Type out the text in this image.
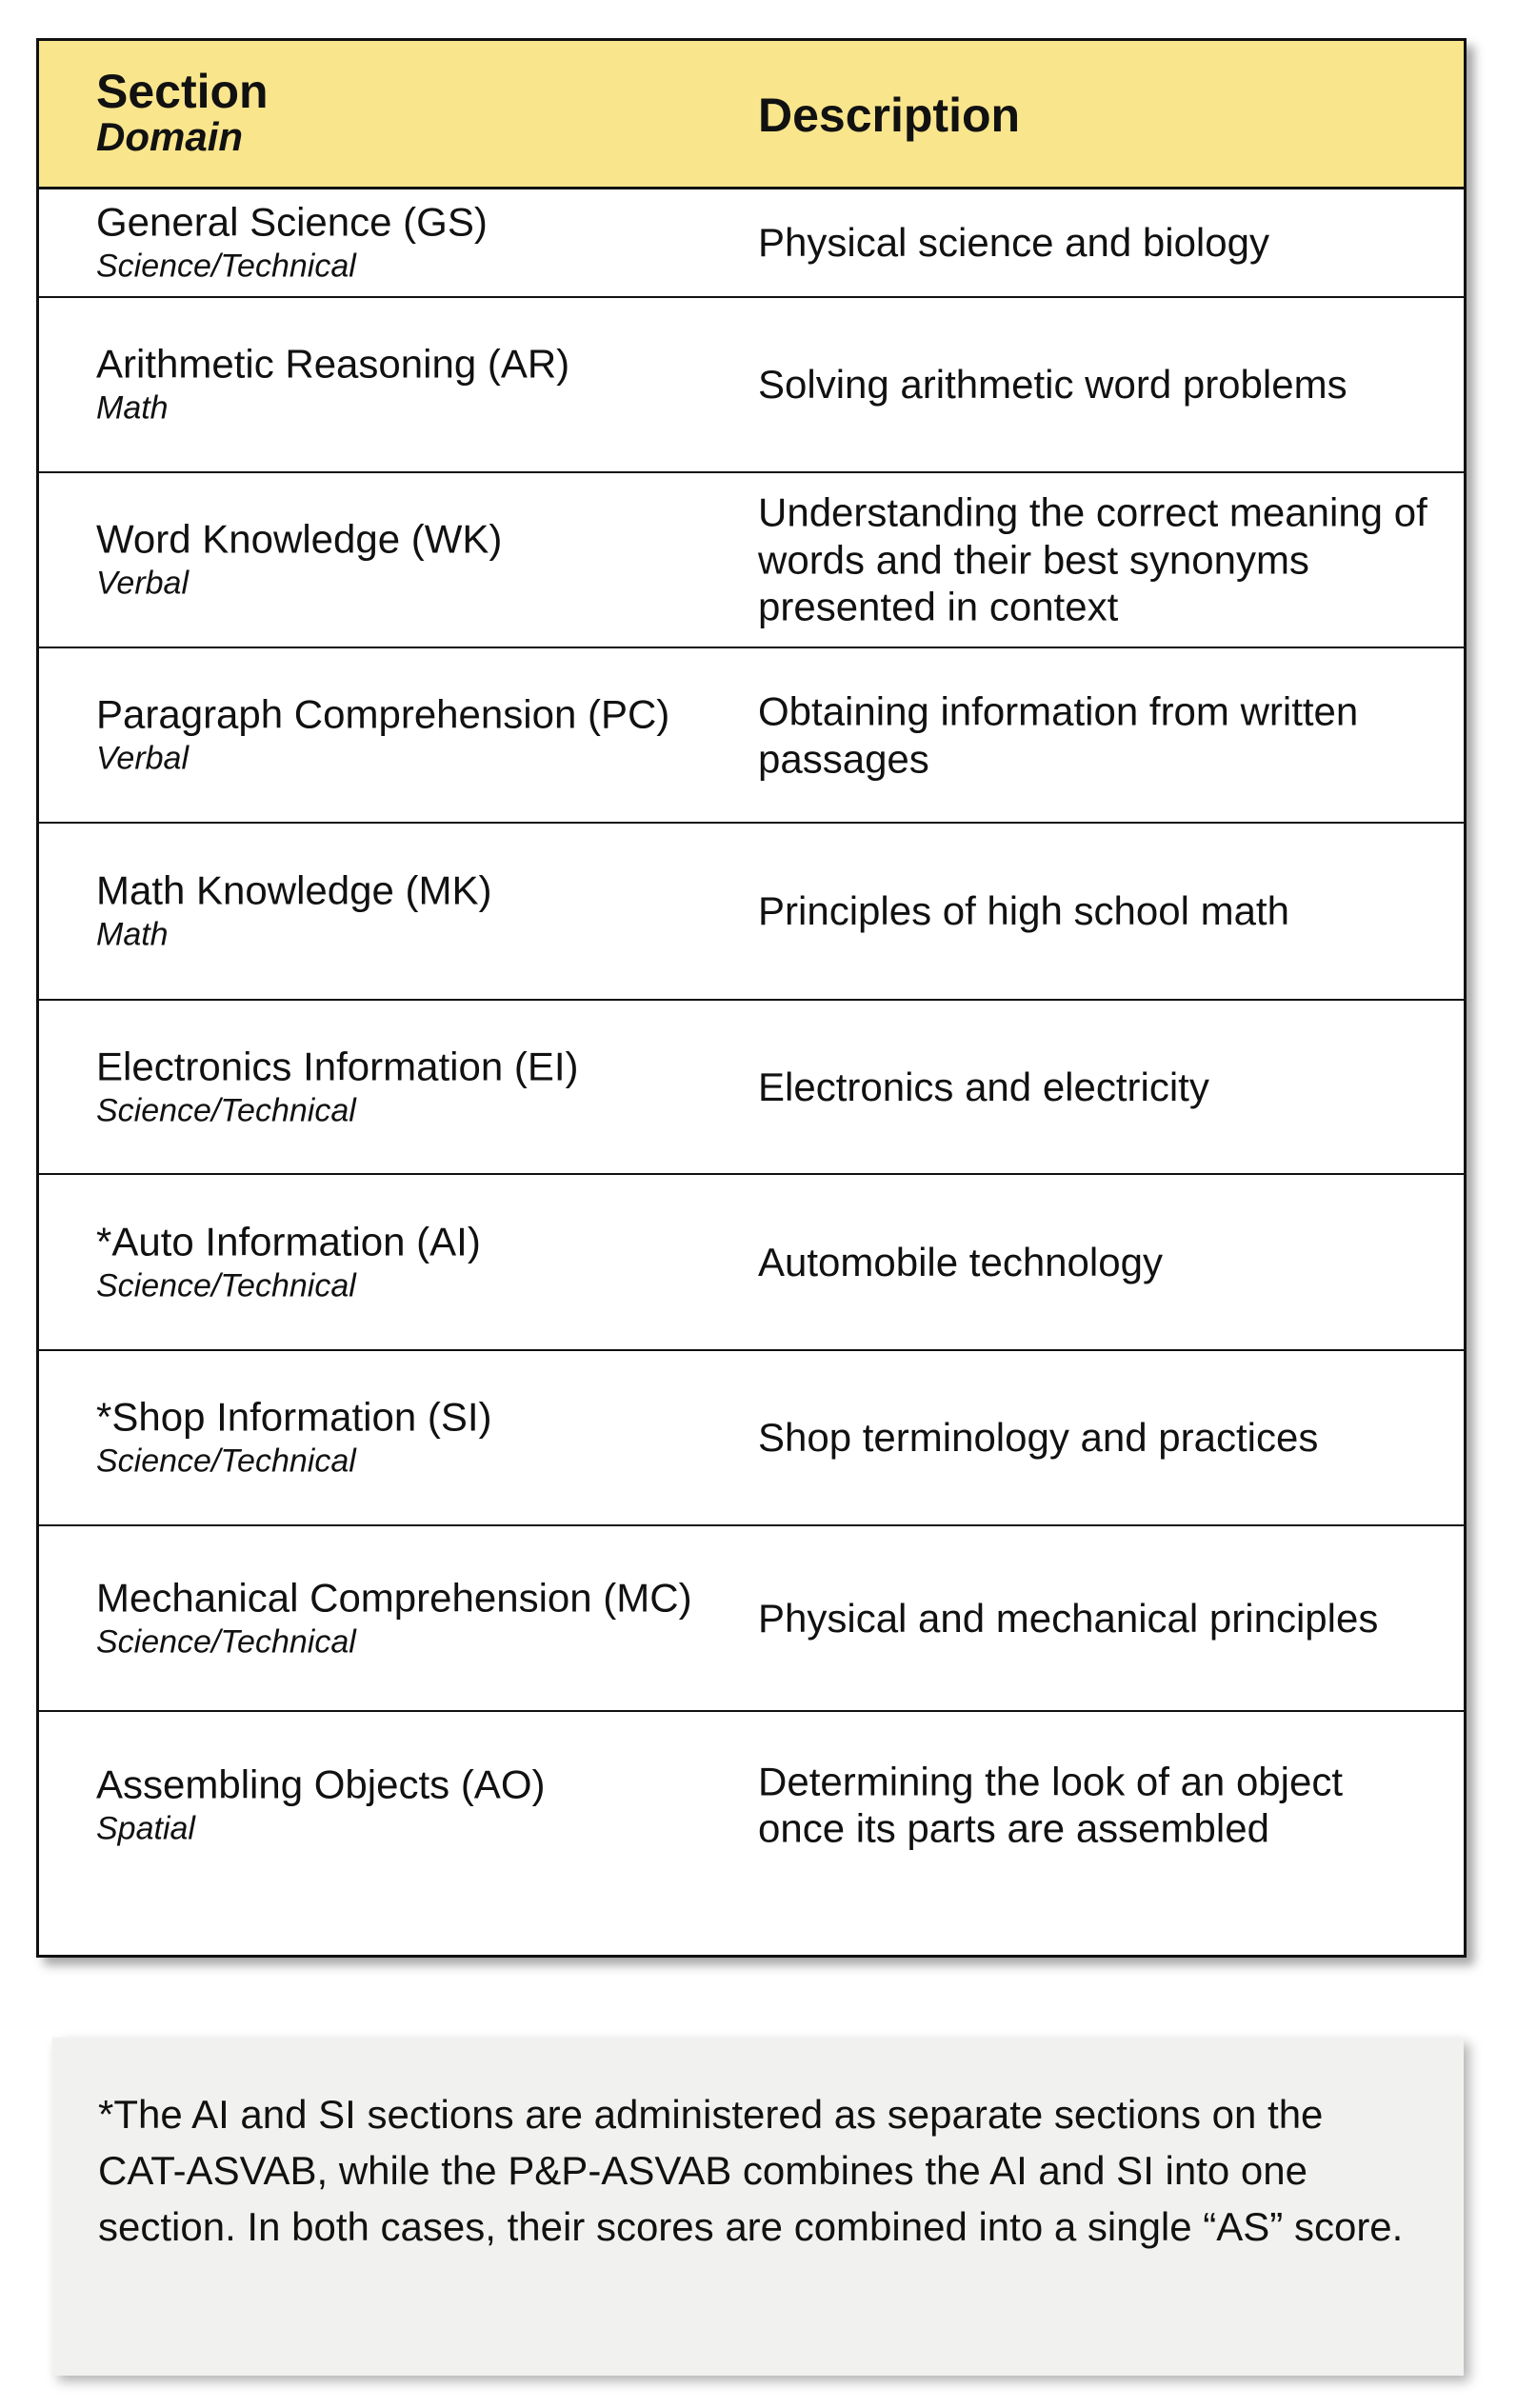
Section
Domain	Description
General Science (GS)
Science/Technical
Physical science and biology
Arithmetic Reasoning (AR)
Math
Solving arithmetic word problems
Word Knowledge (WK)
Verbal
Understanding the correct meaning of words and their best synonyms presented in context
Paragraph Comprehension (PC)
Verbal
Obtaining information from written passages
Math Knowledge (MK)
Math
Principles of high school math
Electronics Information (EI)
Science/Technical
Electronics and electricity
*Auto Information (AI)
Science/Technical
Automobile technology
*Shop Information (SI)
Science/Technical
Shop terminology and practices
Mechanical Comprehension (MC)
Science/Technical
Physical and mechanical principles
Assembling Objects (AO)
Spatial
Determining the look of an object once its parts are assembled
*The AI and SI sections are administered as separate sections on the CAT-ASVAB, while the P&P-ASVAB combines the AI and SI into one section. In both cases, their scores are combined into a single “AS” score.
